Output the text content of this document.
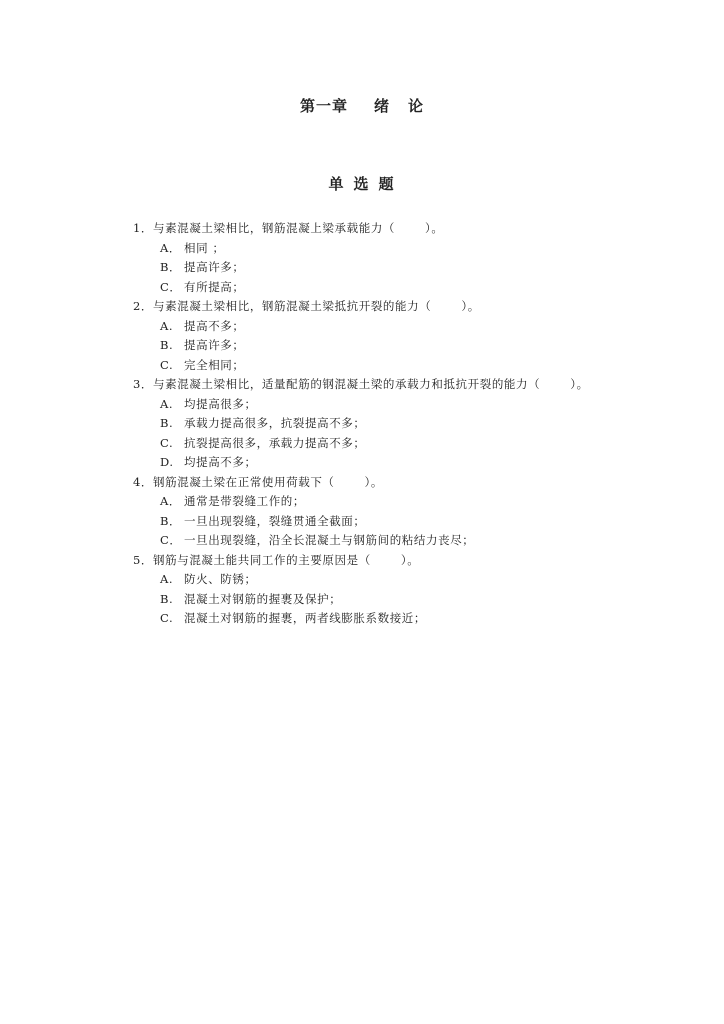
第一章 绪 论
单选题
1．与素混凝土梁相比，钢筋混凝上梁承载能力（	）。
A． 相同 ；
B． 提高许多；
C． 有所提高；
2．与素混凝土梁相比，钢筋混凝土梁抵抗开裂的能力（	）。
A. 提高不多；
B. 提高许多；
C. 完全相同；
3．与素混凝土梁相比，适量配筋的钢混凝土梁的承载力和抵抗开裂的能力（	）。
A. 均提高很多；
B. 承载力提高很多，抗裂提高不多；
C. 抗裂提高很多，承载力提高不多；
D. 均提高不多；
4．钢筋混凝土梁在正常使用荷载下（	）。
A． 通常是带裂缝工作的；
B． 一旦出现裂缝，裂缝贯通全截面；
C． 一旦出现裂缝，沿全长混凝土与钢筋间的粘结力丧尽；
5．钢筋与混凝土能共同工作的主要原因是（	）。
A. 防火、防锈；
B. 混凝土对钢筋的握裹及保护；
C. 混凝土对钢筋的握裹，两者线膨胀系数接近；
